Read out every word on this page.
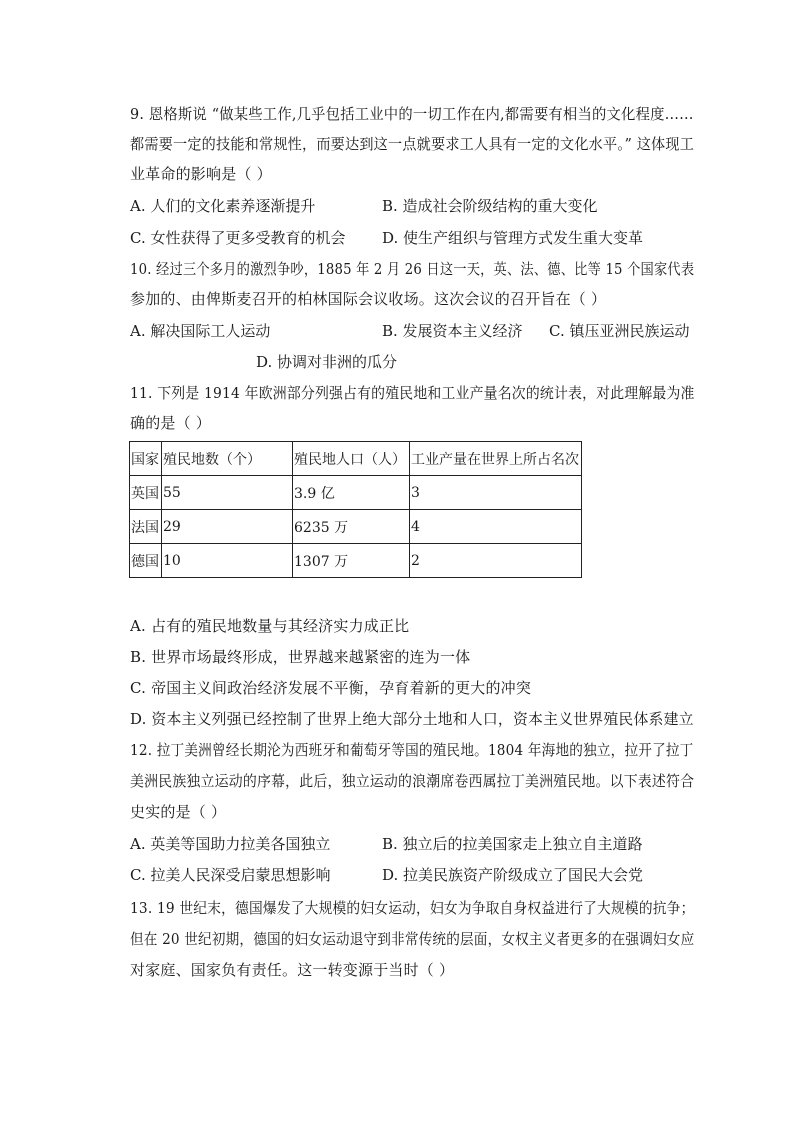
9. 恩格斯说 “做某些工作,几乎包括工业中的一切工作在内,都需要有相当的文化程度……
都需要一定的技能和常规性，而要达到这一点就要求工人具有一定的文化水平。” 这体现工
业革命的影响是（ ）
A. 人们的文化素养逐渐提升	B. 造成社会阶级结构的重大变化
C. 女性获得了更多受教育的机会 D. 使生产组织与管理方式发生重大变革
10. 经过三个多月的激烈争吵，1885 年 2 月 26 日这一天，英、法、德、比等 15 个国家代表
参加的、由俾斯麦召开的柏林国际会议收场。这次会议的召开旨在（ ）
A. 解决国际工人运动	B. 发展资本主义经济 C. 镇压亚洲民族运动
D. 协调对非洲的瓜分
11. 下列是 1914 年欧洲部分列强占有的殖民地和工业产量名次的统计表，对此理解最为准
确的是（ ）
国家	殖民地数（个）	殖民地人口（人）	工业产量在世界上所占名次
英国	55	3.9 亿	3
法国	29	6235 万	4
德国	10	1307 万	2
A. 占有的殖民地数量与其经济实力成正比
B. 世界市场最终形成，世界越来越紧密的连为一体
C. 帝国主义间政治经济发展不平衡，孕育着新的更大的冲突
D. 资本主义列强已经控制了世界上绝大部分土地和人口，资本主义世界殖民体系建立
12. 拉丁美洲曾经长期沦为西班牙和葡萄牙等国的殖民地。1804 年海地的独立，拉开了拉丁
美洲民族独立运动的序幕，此后，独立运动的浪潮席卷西属拉丁美洲殖民地。以下表述符合
史实的是（ ）
A. 英美等国助力拉美各国独立	B. 独立后的拉美国家走上独立自主道路
C. 拉美人民深受启蒙思想影响	D. 拉美民族资产阶级成立了国民大会党
13. 19 世纪末，德国爆发了大规模的妇女运动，妇女为争取自身权益进行了大规模的抗争；
但在 20 世纪初期，德国的妇女运动退守到非常传统的层面，女权主义者更多的在强调妇女应
对家庭、国家负有责任。这一转变源于当时（ ）
